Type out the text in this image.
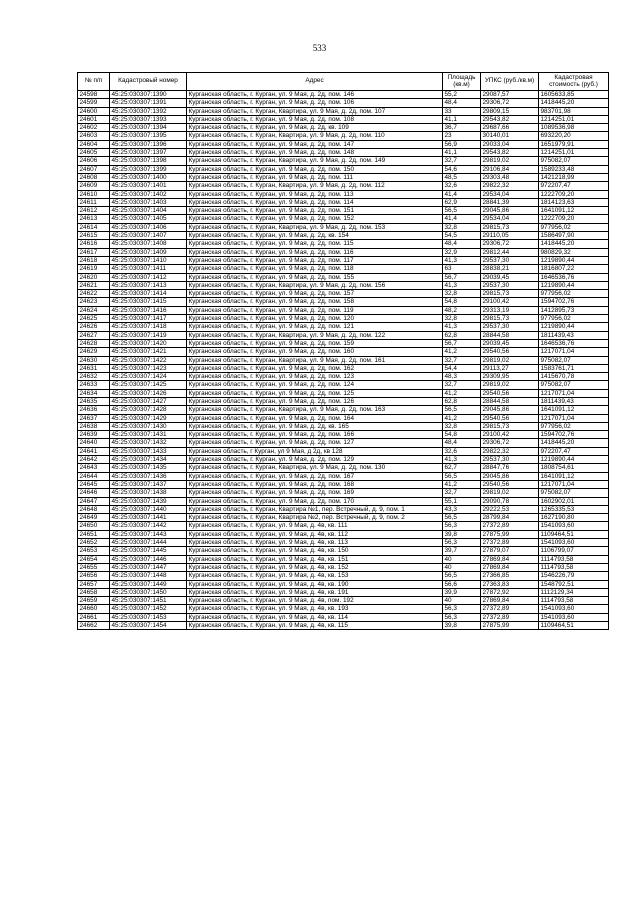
533
№ п/п	Кадастровый номер	Адрес	Площадь (кв.м)	УПКС (руб./кв.м)	Кадастровая стоимость (руб.)
24598	45:25:030307:1390	Курганская область, г. Курган, ул. 9 Мая, д. 2д, пом. 146	55,2	29087,57	1605633,85
24599	45:25:030307:1391	Курганская область, г. Курган, ул. 9 Мая, д. 2д, пом. 106	48,4	29306,72	1418445,20
24600	45:25:030307:1392	Курганская область, г. Курган, Квартира, ул. 9 Мая, д. 2д, пом. 107	33	29809,15	983701,98
24601	45:25:030307:1393	Курганская область, г. Курган, ул. 9 Мая, д. 2д, пом. 108	41,1	29543,82	1214251,01
24602	45:25:030307:1394	Курганская область, г. Курган, ул. 9 Мая, д. 2д, кв. 109	36,7	29687,66	1089536,98
24603	45:25:030307:1395	Курганская область, г. Курган, Квартира, ул. 9 Мая, д. 2д, пом. 110	23	30140,01	693220,20
24604	45:25:030307:1396	Курганская область, г. Курган, ул. 9 Мая, д. 2д, пом. 147	56,9	29033,04	1651979,91
24605	45:25:030307:1397	Курганская область, г. Курган, ул. 9 Мая, д. 2д, пом. 148	41,1	29543,82	1214251,01
24606	45:25:030307:1398	Курганская область, г. Курган, Квартира, ул. 9 Мая, д. 2д, пом. 149	32,7	29819,02	975082,07
24607	45:25:030307:1399	Курганская область, г. Курган, ул. 9 Мая, д. 2д, пом. 150	54,6	29106,84	1589233,48
24608	45:25:030307:1400	Курганская область, г. Курган, ул. 9 Мая, д. 2д, пом. 111	48,5	29303,48	1421218,99
24609	45:25:030307:1401	Курганская область, г. Курган, Квартира, ул. 9 Мая, д. 2д, пом. 112	32,6	29822,32	972207,47
24610	45:25:030307:1402	Курганская область, г. Курган, ул. 9 Мая, д. 2д, пом. 113	41,4	29534,04	1222709,20
24611	45:25:030307:1403	Курганская область, г. Курган, ул. 9 Мая, д. 2д, пом. 114	62,9	28841,39	1814123,63
24612	45:25:030307:1404	Курганская область, г. Курган, ул. 9 Мая, д. 2д, пом. 151	56,5	29045,86	1641091,12
24613	45:25:030307:1405	Курганская область, г. Курган, ул. 9 Мая, д. 2д, пом. 152	41,4	29534,04	1222709,20
24614	45:25:030307:1406	Курганская область, г. Курган, Квартира, ул. 9 Мая, д. 2д, пом. 153	32,8	29815,73	977956,02
24615	45:25:030307:1407	Курганская область, г. Курган, ул. 9 Мая, д. 2д, кв. 154	54,5	29110,05	1586497,90
24616	45:25:030307:1408	Курганская область, г. Курган, ул. 9 Мая, д. 2д, пом. 115	48,4	29306,72	1418445,20
24617	45:25:030307:1409	Курганская область, г. Курган, ул. 9 Мая, д. 2д, пом. 116	32,9	29812,44	980829,32
24618	45:25:030307:1410	Курганская область, г. Курган, ул. 9 Мая, д. 2д, пом. 117	41,3	29537,30	1219890,44
24619	45:25:030307:1411	Курганская область, г. Курган, ул. 9 Мая, д. 2д, пом. 118	63	28838,21	1816807,22
24620	45:25:030307:1412	Курганская область, г. Курган, ул. 9 Мая, д. 2д, пом. 155	56,7	29039,45	1646536,76
24621	45:25:030307:1413	Курганская область, г. Курган, Квартира, ул. 9 Мая, д. 2д, пом. 156	41,3	29537,30	1219890,44
24622	45:25:030307:1414	Курганская область, г. Курган, ул. 9 Мая, д. 2д, пом. 157	32,8	29815,73	977956,02
24623	45:25:030307:1415	Курганская область, г. Курган, ул. 9 Мая, д. 2д, пом. 158	54,8	29100,42	1594702,76
24624	45:25:030307:1416	Курганская область, г. Курган, ул. 9 Мая, д. 2д, пом. 119	48,2	29313,19	1412895,73
24625	45:25:030307:1417	Курганская область, г. Курган, ул. 9 Мая, д. 2д, пом. 120	32,8	29815,73	977956,02
24626	45:25:030307:1418	Курганская область, г. Курган, ул. 9 Мая, д. 2д, пом. 121	41,3	29537,30	1219890,44
24627	45:25:030307:1419	Курганская область, г. Курган, Квартира, ул. 9 Мая, д. 2д, пом. 122	62,8	28844,58	1811439,43
24628	45:25:030307:1420	Курганская область, г. Курган, ул. 9 Мая, д. 2д, пом. 159	56,7	29039,45	1646536,76
24629	45:25:030307:1421	Курганская область, г. Курган, ул. 9 Мая, д. 2д, пом. 160	41,2	29540,56	1217071,04
24630	45:25:030307:1422	Курганская область, г. Курган, Квартира, ул. 9 Мая, д. 2д, пом. 161	32,7	29819,02	975082,07
24631	45:25:030307:1423	Курганская область, г. Курган, ул. 9 Мая, д. 2д, пом. 162	54,4	29113,27	1583761,71
24632	45:25:030307:1424	Курганская область, г. Курган, ул. 9 Мая, д. 2д, пом. 123	48,3	29309,95	1415670,78
24633	45:25:030307:1425	Курганская область, г. Курган, ул. 9 Мая, д. 2д, пом. 124	32,7	29819,02	975082,07
24634	45:25:030307:1426	Курганская область, г. Курган, ул. 9 Мая, д. 2д, пом. 125	41,2	29540,56	1217071,04
24635	45:25:030307:1427	Курганская область, г. Курган, ул. 9 Мая, д. 2д, пом. 126	62,8	28844,58	1811439,43
24636	45:25:030307:1428	Курганская область, г. Курган, Квартира, ул. 9 Мая, д. 2д, пом. 163	56,5	29045,86	1641091,12
24637	45:25:030307:1429	Курганская область, г. Курган, ул. 9 Мая, д. 2д, пом. 164	41,2	29540,56	1217071,04
24638	45:25:030307:1430	Курганская область, г. Курган, ул. 9 Мая, д. 2д, кв. 165	32,8	29815,73	977956,02
24639	45:25:030307:1431	Курганская область, г. Курган, ул. 9 Мая, д. 2д, пом. 166	54,8	29100,42	1594702,76
24640	45:25:030307:1432	Курганская область, г. Курган, ул. 9 Мая, д. 2д, пом. 127	48,4	29306,72	1418445,20
24641	45:25:030307:1433	Курганская область, г Курган, ул 9 Мая, д 2д, кв 128	32,6	29822,32	972207,47
24642	45:25:030307:1434	Курганская область, г. Курган, ул. 9 Мая, д. 2д, пом. 129	41,3	29537,30	1219890,44
24643	45:25:030307:1435	Курганская область, г. Курган, Квартира, ул. 9 Мая, д. 2д, пом. 130	62,7	28847,76	1808754,61
24644	45:25:030307:1436	Курганская область, г. Курган, ул. 9 Мая, д. 2д, пом. 167	56,5	29045,86	1641091,12
24645	45:25:030307:1437	Курганская область, г. Курган, ул. 9 Мая, д. 2д, пом. 168	41,2	29540,56	1217071,04
24646	45:25:030307:1438	Курганская область, г. Курган, ул. 9 Мая, д. 2д, пом. 169	32,7	29819,02	975082,07
24647	45:25:030307:1439	Курганская область, г. Курган, ул. 9 Мая, д. 2д, пом. 170	55,1	29090,78	1602902,01
24648	45:25:030307:1440	Курганская область, г. Курган, Квартира №1, пер. Встречный, д. 9, пом. 1	43,3	29222,53	1265335,53
24649	45:25:030307:1441	Курганская область, г. Курган, Квартира №2, пер. Встречный, д. 9, пом. 2	56,5	28799,84	1627190,80
24650	45:25:030307:1442	Курганская область, г. Курган, ул. 9 Мая, д. 4в, кв. 111	56,3	27372,89	1541093,60
24651	45:25:030307:1443	Курганская область, г. Курган, ул. 9 Мая, д. 4в, кв. 112	39,8	27875,99	1109464,51
24652	45:25:030307:1444	Курганская область, г. Курган, ул. 9 Мая, д. 4в, кв. 113	56,3	27372,89	1541093,60
24653	45:25:030307:1445	Курганская область, г. Курган, ул. 9 Мая, д. 4в, кв. 150	39,7	27879,07	1106799,07
24654	45:25:030307:1446	Курганская область, г. Курган, ул. 9 Мая, д. 4в, кв. 151	40	27869,84	1114793,58
24655	45:25:030307:1447	Курганская область, г. Курган, ул. 9 Мая, д. 4в, кв. 152	40	27869,84	1114793,58
24656	45:25:030307:1448	Курганская область, г. Курган, ул. 9 Мая, д. 4в, кв. 153	56,5	27366,85	1546226,79
24657	45:25:030307:1449	Курганская область, г. Курган, ул. 9 Мая, д. 4в, кв. 190	56,6	27363,83	1548792,51
24658	45:25:030307:1450	Курганская область, г. Курган, ул. 9 Мая, д. 4в, кв. 191	39,9	27872,92	1112129,34
24659	45:25:030307:1451	Курганская область, г. Курган, ул. 9 Мая, д. 4в, пом. 192	40	27869,84	1114793,58
24660	45:25:030307:1452	Курганская область, г. Курган, ул. 9 Мая, д. 4в, кв. 193	56,3	27372,89	1541093,60
24661	45:25:030307:1453	Курганская область, г. Курган, ул. 9 Мая, д. 4в, кв. 114	56,3	27372,89	1541093,60
24662	45:25:030307:1454	Курганская область, г. Курган, ул. 9 Мая, д. 4в, кв. 115	39,8	27875,99	1109464,51
